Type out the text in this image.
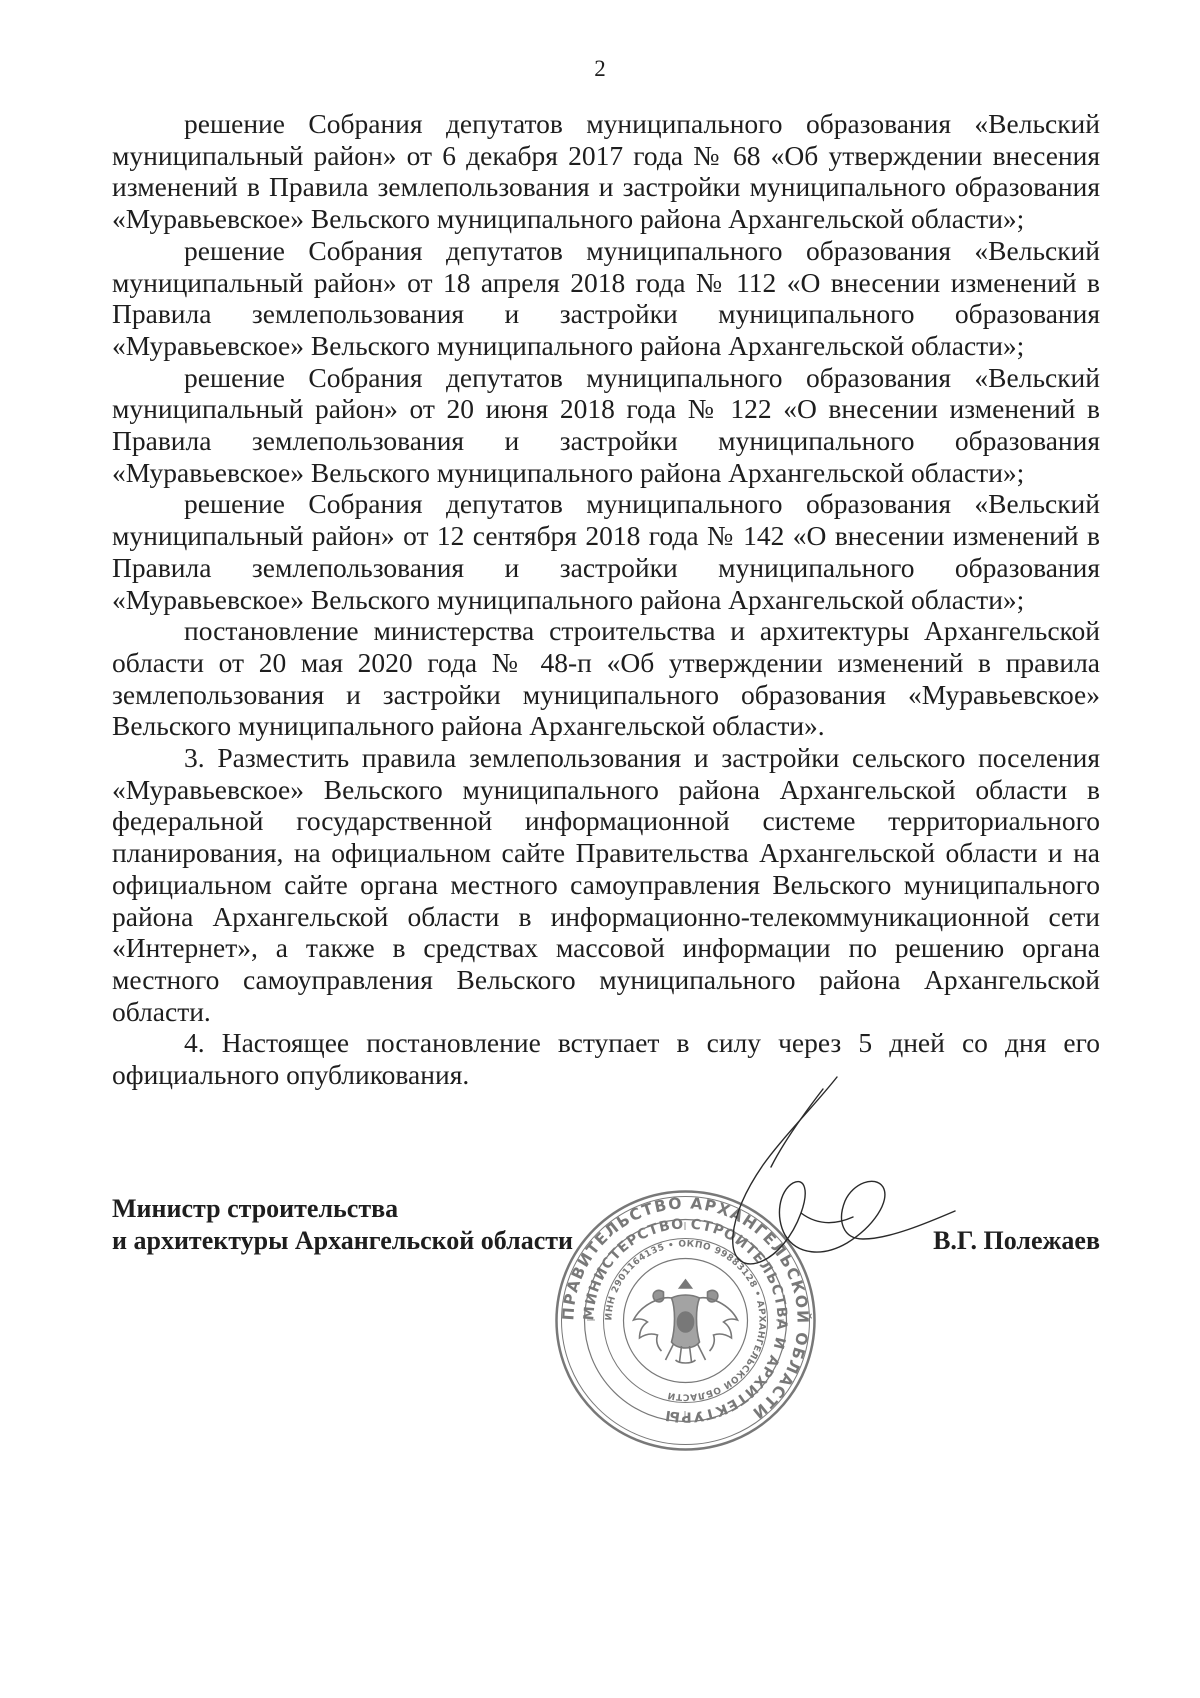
2

решение Собрания депутатов муниципального образования «Вельский муниципальный район» от 6 декабря 2017 года № 68 «Об утверждении внесения изменений в Правила землепользования и застройки муниципального образования «Муравьевское» Вельского муниципального района Архангельской области»;

решение Собрания депутатов муниципального образования «Вельский муниципальный район» от 18 апреля 2018 года № 112 «О внесении изменений в Правила землепользования и застройки муниципального образования «Муравьевское» Вельского муниципального района Архангельской области»;

решение Собрания депутатов муниципального образования «Вельский муниципальный район» от 20 июня 2018 года № 122 «О внесении изменений в Правила землепользования и застройки муниципального образования «Муравьевское» Вельского муниципального района Архангельской области»;

решение Собрания депутатов муниципального образования «Вельский муниципальный район» от 12 сентября 2018 года № 142 «О внесении изменений в Правила землепользования и застройки муниципального образования «Муравьевское» Вельского муниципального района Архангельской области»;

постановление министерства строительства и архитектуры Архангельской области от 20 мая 2020 года № 48-п «Об утверждении изменений в правила землепользования и застройки муниципального образования «Муравьевское» Вельского муниципального района Архангельской области».

3. Разместить правила землепользования и застройки сельского поселения «Муравьевское» Вельского муниципального района Архангельской области в федеральной государственной информационной системе территориального планирования, на официальном сайте Правительства Архангельской области и на официальном сайте органа местного самоуправления Вельского муниципального района Архангельской области в информационно-телекоммуникационной сети «Интернет», а также в средствах массовой информации по решению органа местного самоуправления Вельского муниципального района Архангельской области.

4. Настоящее постановление вступает в силу через 5 дней со дня его официального опубликования.

ПРАВИТЕЛЬСТВО АРХАНГЕЛЬСКОЙ ОБЛАСТИ
МИНИСТЕРСТВО СТРОИТЕЛЬСТВА И АРХИТЕКТУРЫ
ИНН 2901164135 • ОКПО 99883128 • АРХАНГЕЛЬСКОЙ ОБЛАСТИ
Министр строительства
и архитектуры Архангельской области	В.Г. Полежаев
